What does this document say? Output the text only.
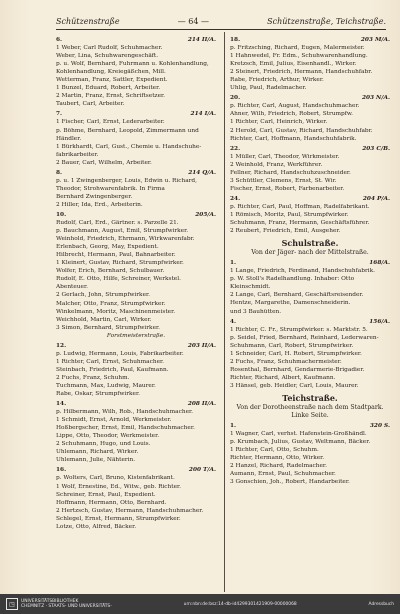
Schützenstraße	— 64 —	Schützenstraße, Teichstraße.
6.	214 II/A.
1 Weber, Carl Rudolf, Schuhmacher.
Weber, Lina, Schuhwarengeschäft.
p. u. Wolf, Bernhard, Fuhrmann u. Kohlenhandlung,
Kohlenhandlung, Kreiegäßchen, Mill.
Wetterman, Franz, Sattler, Expedient.
1 Bunzel, Eduard, Robert, Arbeiter.
2 Martin, Franz, Ernst, Schriftsetzer.
Taubert, Carl, Arbeiter.
7.	214 I/A.
1 Fischer, Carl, Ernst, Lederarbeiter.
p. Böhme, Bernhard, Leopold, Zimmermann und
Händler.
1 Bürkhardt, Carl, Gust., Chemie u. Handschuhe-
fabrikarbeiter.
2 Bauer, Carl, Wilhelm, Arbeiter.
8.	214 Q/A.
p. u. 1 Zwingenberger, Louis, Edwin u. Richard,
Theodor, Strohwarenfabrik. In Firma
Bernhard Zwingenberger.
2 Hiller, Ida, Erd., Arbeiterin.
10.	205/A.
Rudolf, Carl, Erd., Gärtner. s. Parzelle 21.
p. Bauchmann, August, Emil, Strumpfwirker.
Weinhold, Friedrich, Ehrmann, Wirkwarenfabr.
Erlenbach, Georg, May, Expedient.
Hilbrecht, Hermann, Paul, Bahnarbeiter.
1 Kleinert, Gustav, Richard, Strumpfwirker.
Wolfer, Erich, Bernhard, Schulbauer.
Rudolf, E. Otto, Hilfe, Schreiner, Werkstel.
Abenteuer.
2 Gerlach, John, Strumpfwirker.
Malcher, Otto, Franz, Strumpfwirker.
Winkelmann, Moritz, Maschinenmeister.
Weichhold, Martin, Carl, Wirker.
3 Simon, Bernhard, Strumpfwirker.
Forstmeisterstraße.
12.	203 II/A.
p. Ludwig, Hermann, Louis, Fabrikarbeiter.
1 Richter, Carl, Ernst, Schuhmacher.
Steinbach, Friedrich, Paul, Kaufmann.
2 Fuchs, Franz, Schuhm.
Tuchmann, Max, Ludwig, Maurer.
Rabe, Oskar, Strumpfwirker.
14.	208 II/A.
p. Hilbermann, Wilh, Rob., Handschuhmacher.
1 Schmidt, Ernst, Arnold, Werkmeister.
Hoßbergscher, Ernst, Emil, Handschuhmacher.
Lippe, Otto, Theodor, Werkmeister.
2 Schuhmann, Hugo, und Louis.
Uhlemann, Richard, Wirker.
Uhlemann, Julie, Nähterin.
16.	200 T/A.
p. Wolters, Carl, Bruno, Kistenfabrikant.
1 Wolf, Ernestine, Ed., Witw., geb. Richter.
Schreiner, Ernst, Paul, Expedient.
Hoffmann, Hermann, Otto, Bernhard.
2 Hertzsch, Gustav, Hermann, Handschuhmacher.
Schlegel, Ernst, Hermann, Strumpfwirker.
Lotze, Otto, Alfred, Bäcker.
18.	203 M/A.
p. Fritzsching, Richard, Eugen, Malermeister.
1 Hahnwedel, Fr. Edm., Schuhwarenhandlung.
Kretzsch, Emil, Julius, Eisenhandl., Wirker.
2 Steinert, Friedrich, Hermann, Handschuhfabr.
Rabe, Friedrich, Arthur, Wirker.
Uhlig, Paul, Radelmacher.
20.	203 N/A.
p. Richter, Carl, August, Handschuhmacher.
Ahner, Wilh, Friedrich, Robert, Strumpfw.
1 Richter, Carl, Heinrich, Wirker.
2 Herold, Carl, Gustav, Richard, Handschuhfabr.
Richter, Carl, Hoffmann, Handschuhfabrik.
22.	203 C/B.
1 Müller, Carl, Theodor, Wirkmeister.
2 Weinhold, Franz, Werkführer.
Fellner, Richard, Handschuhzuschneider.
3 Schüttler, Clemens, Ernst, St. Wir.
Fischer, Ernst, Robert, Farbenarbeiter.
24.	204 P/A.
p. Richter, Carl, Paul, Hoffman, Radelfabrikant.
1 Römisch, Moritz, Paul, Strumpfwirker.
Schuhmann, Franz, Hermann, Geschäftsführer.
2 Reubert, Friedrich, Emil, Ausgeher.
Schulstraße.
Von der Jäger- nach der Mittelstraße.
1.	168/A.
1 Lange, Friedrich, Ferdinand, Handschuhfabrik.
p. W. Stoll's Radelhandlung. Inhaber: Otto
Kleinschmidt.
2 Lange, Carl, Bernhard, Geschäftsreisender.
Hentze, Margarethe, Damenschneiderin.
und 3 Bauhütten.
4.	156/A.
1 Richter, C. Fr., Strumpfwirker. s. Marktstr. 5.
p. Seidel, Fried, Bernhard, Reinhard, Lederwaren-
Schuhmann, Carl, Robert, Strumpfwirker.
1 Schneider, Carl, H. Robert, Strumpfwirker.
2 Fuchs, Franz, Schuhmachermeister.
Rosenthal, Bernhard, Gendarmerie-Brigadier.
Richter, Richard, Albert, Kaufmann.
3 Hänsel, geb. Heidler, Carl, Louis, Maurer.
Teichstraße.
Von der Dorotheenstraße nach dem Stadtpark.
Linke Seite.
1.	320 S.
1 Wagner, Carl, verhst. Hafenstein-Großhändl.
p. Krumbach, Julius, Gustav, Weltmann, Bäcker.
1 Richter, Carl, Otto, Schuhm.
Richter, Hermann, Otto, Wirker.
2 Hanzel, Richard, Radelmacher.
Aumann, Ernst, Paul, Schuhmacher.
3 Gonschien, Joh., Robert, Handarbeiter.
◳	UNIVERSITÄTSBIBLIOTHEK
CHEMNITZ · STAATS- UND UNIVERSITÄTS-	urn:nbn:de:bsz:14-db-id4299301421909-00000068	Adressbuch
